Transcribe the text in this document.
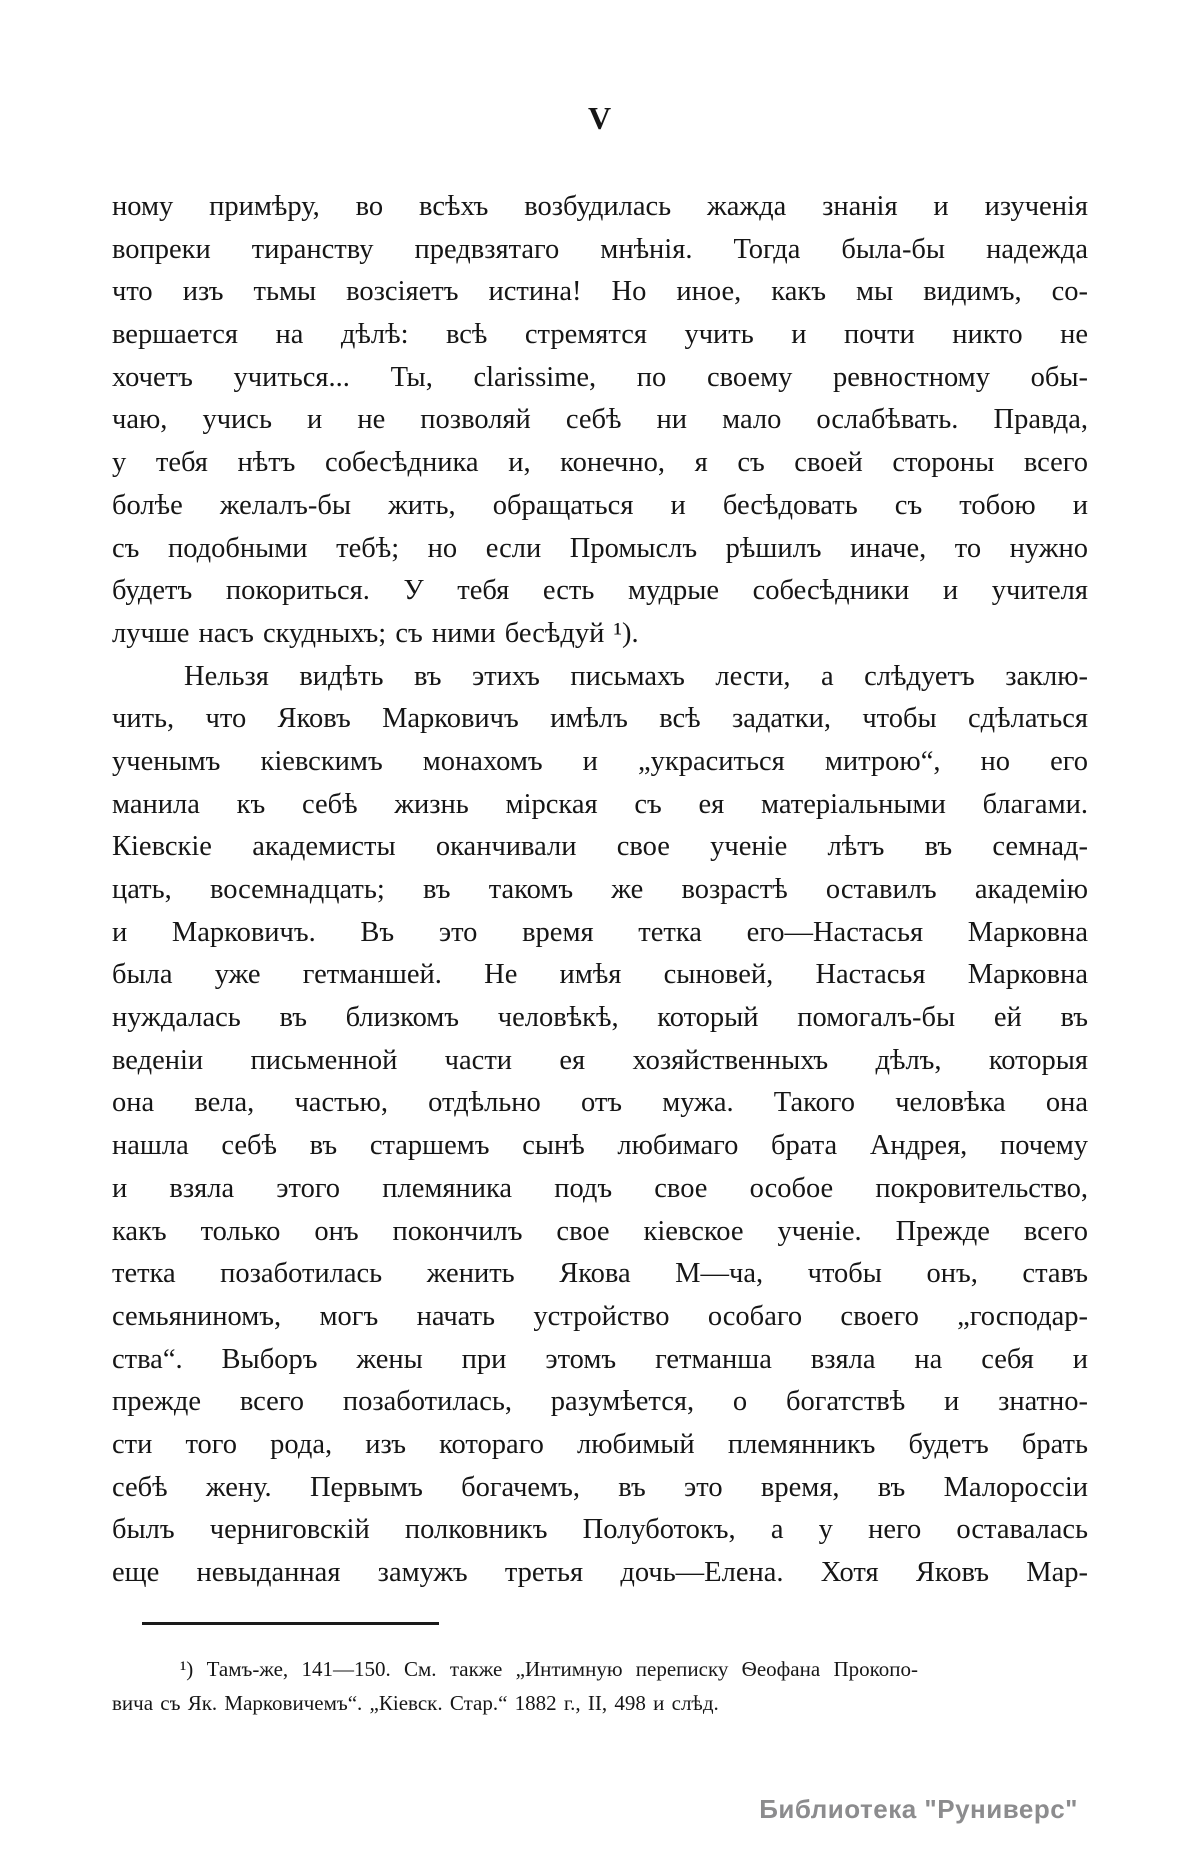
V
ному примѣру, во всѣхъ возбудилась жажда знанія и изученія
вопреки тиранству предвзятаго мнѣнія. Тогда была-бы надежда
что изъ тьмы возсіяетъ истина! Но иное, какъ мы видимъ, со-
вершается на дѣлѣ: всѣ стремятся учить и почти никто не
хочетъ учиться... Ты, clarissime, по своему ревностному обы-
чаю, учись и не позволяй себѣ ни мало ослабѣвать. Правда,
у тебя нѣтъ собесѣдника и, конечно, я съ своей стороны всего
болѣе желалъ-бы жить, обращаться и бесѣдовать съ тобою и
съ подобными тебѣ; но если Промыслъ рѣшилъ иначе, то нужно
будетъ покориться. У тебя есть мудрые собесѣдники и учителя
лучше насъ скудныхъ; съ ними бесѣдуй ¹).
Нельзя видѣть въ этихъ письмахъ лести, а слѣдуетъ заклю-
чить, что Яковъ Марковичъ имѣлъ всѣ задатки, чтобы сдѣлаться
ученымъ кіевскимъ монахомъ и „украситься митрою“, но его
манила къ себѣ жизнь мірская съ ея матеріальными благами.
Кіевскіе академисты оканчивали свое ученіе лѣтъ въ семнад-
цать, восемнадцать; въ такомъ же возрастѣ оставилъ академію
и Марковичъ. Въ это время тетка его—Настасья Марковна
была уже гетманшей. Не имѣя сыновей, Настасья Марковна
нуждалась въ близкомъ человѣкѣ, который помогалъ-бы ей въ
веденіи письменной части ея хозяйственныхъ дѣлъ, которыя
она вела, частью, отдѣльно отъ мужа. Такого человѣка она
нашла себѣ въ старшемъ сынѣ любимаго брата Андрея, почему
и взяла этого племяника подъ свое особое покровительство,
какъ только онъ покончилъ свое кіевское ученіе. Прежде всего
тетка позаботилась женить Якова М—ча, чтобы онъ, ставъ
семьяниномъ, могъ начать устройство особаго своего „господар-
ства“. Выборъ жены при этомъ гетманша взяла на себя и
прежде всего позаботилась, разумѣется, о богатствѣ и знатно-
сти того рода, изъ котораго любимый племянникъ будетъ брать
себѣ жену. Первымъ богачемъ, въ это время, въ Малороссіи
былъ черниговскій полковникъ Полуботокъ, а у него оставалась
еще невыданная замужъ третья дочь—Елена. Хотя Яковъ Мар-
¹) Тамъ-же, 141—150. См. также „Интимную переписку Ѳеофана Прокопо-
вича съ Як. Марковичемъ“. „Кіевск. Стар.“ 1882 г., II, 498 и слѣд.
Библиотека "Руниверс"
